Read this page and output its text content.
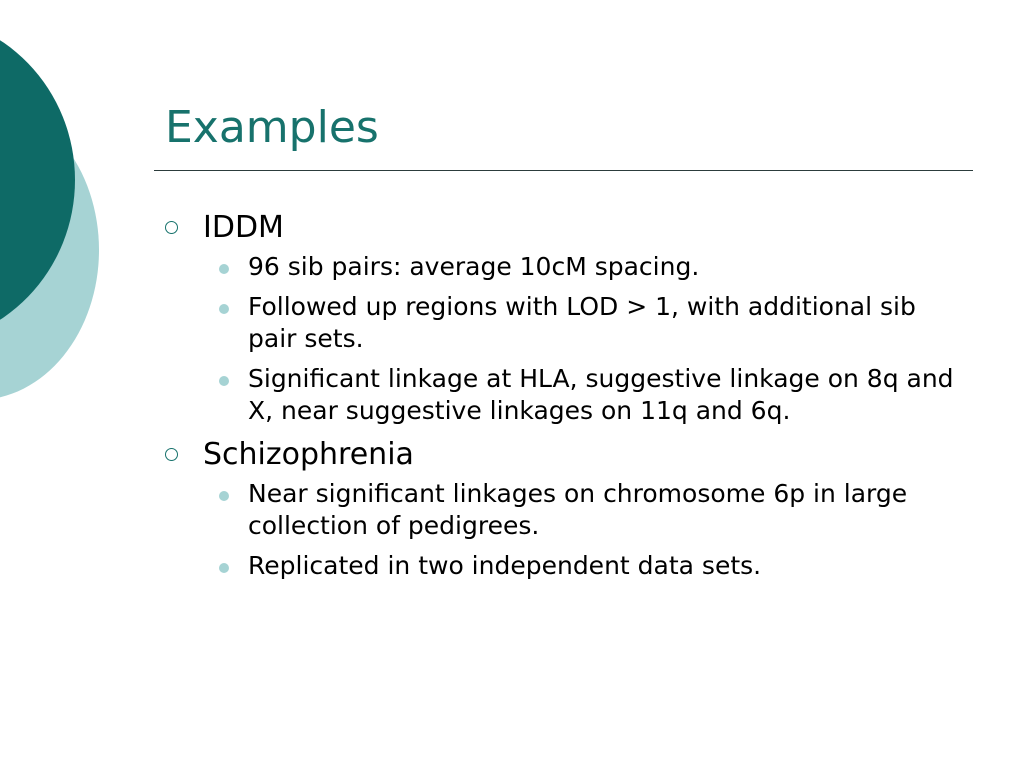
Examples

IDDM

96 sib pairs: average 10cM spacing.
Followed up regions with LOD > 1, with additional sib pair sets.
Significant linkage at HLA, suggestive linkage on 8q and X, near suggestive linkages on 11q and 6q.

Schizophrenia

Near significant linkages on chromosome 6p in large collection of pedigrees.
Replicated in two independent data sets.
